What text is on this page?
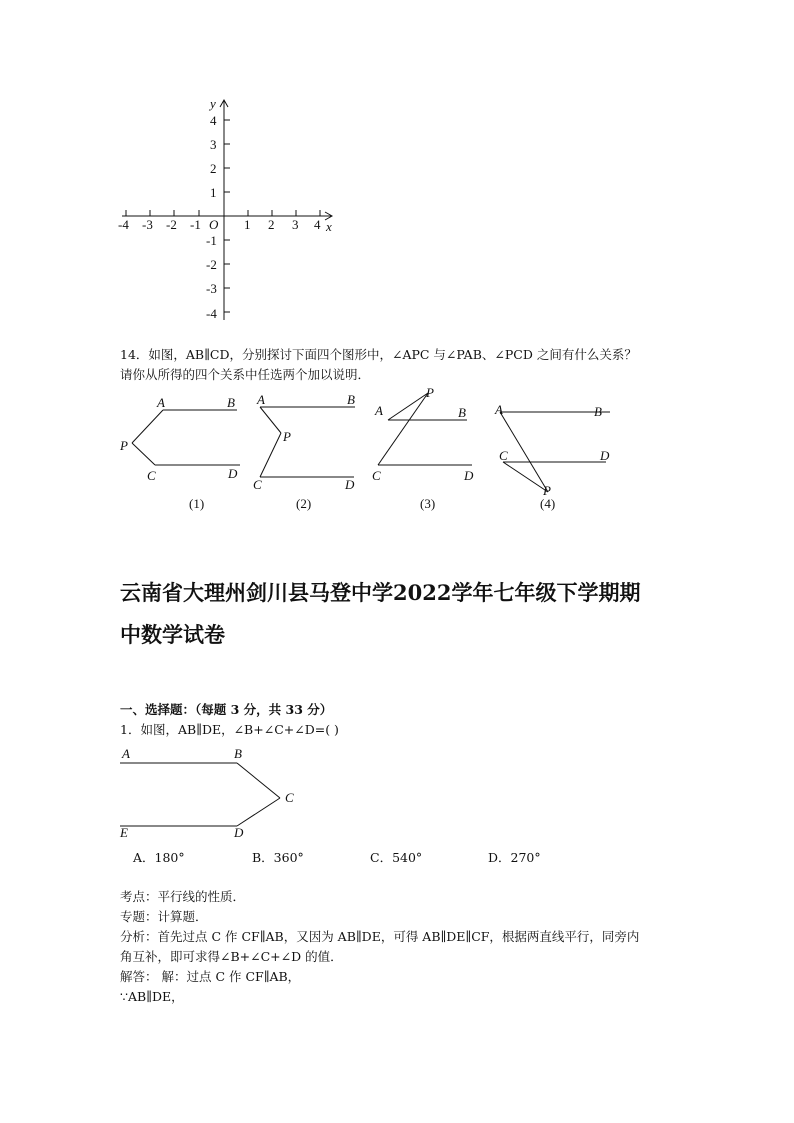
y
x
O
-4 -3 -2 -1	1 2 3 4
4
3
2
1
-1
-2
-3
-4
14．如图，AB∥CD，分别探讨下面四个图形中，∠APC 与∠PAB、∠PCD 之间有什么关系？
请你从所得的四个关系中任选两个加以说明．
A	B
P
C	D
(1)
A	B
P
C	D
(2)
A	B
P
C	D
(3)
A	B
C	D
P
(4)
云南省大理州剑川县马登中学2022学年七年级下学期期
中数学试卷
一、选择题：（每题 3 分，共 33 分）
1．如图，AB∥DE，∠B+∠C+∠D=( )
A	B
C
E	D
A．180°	B．360°	C．540°	D．270°
考点：平行线的性质．
专题：计算题．
分析：首先过点 C 作 CF∥AB，又因为 AB∥DE，可得 AB∥DE∥CF，根据两直线平行，同旁内
角互补，即可求得∠B+∠C+∠D 的值．
解答： 解：过点 C 作 CF∥AB，
∵AB∥DE，
